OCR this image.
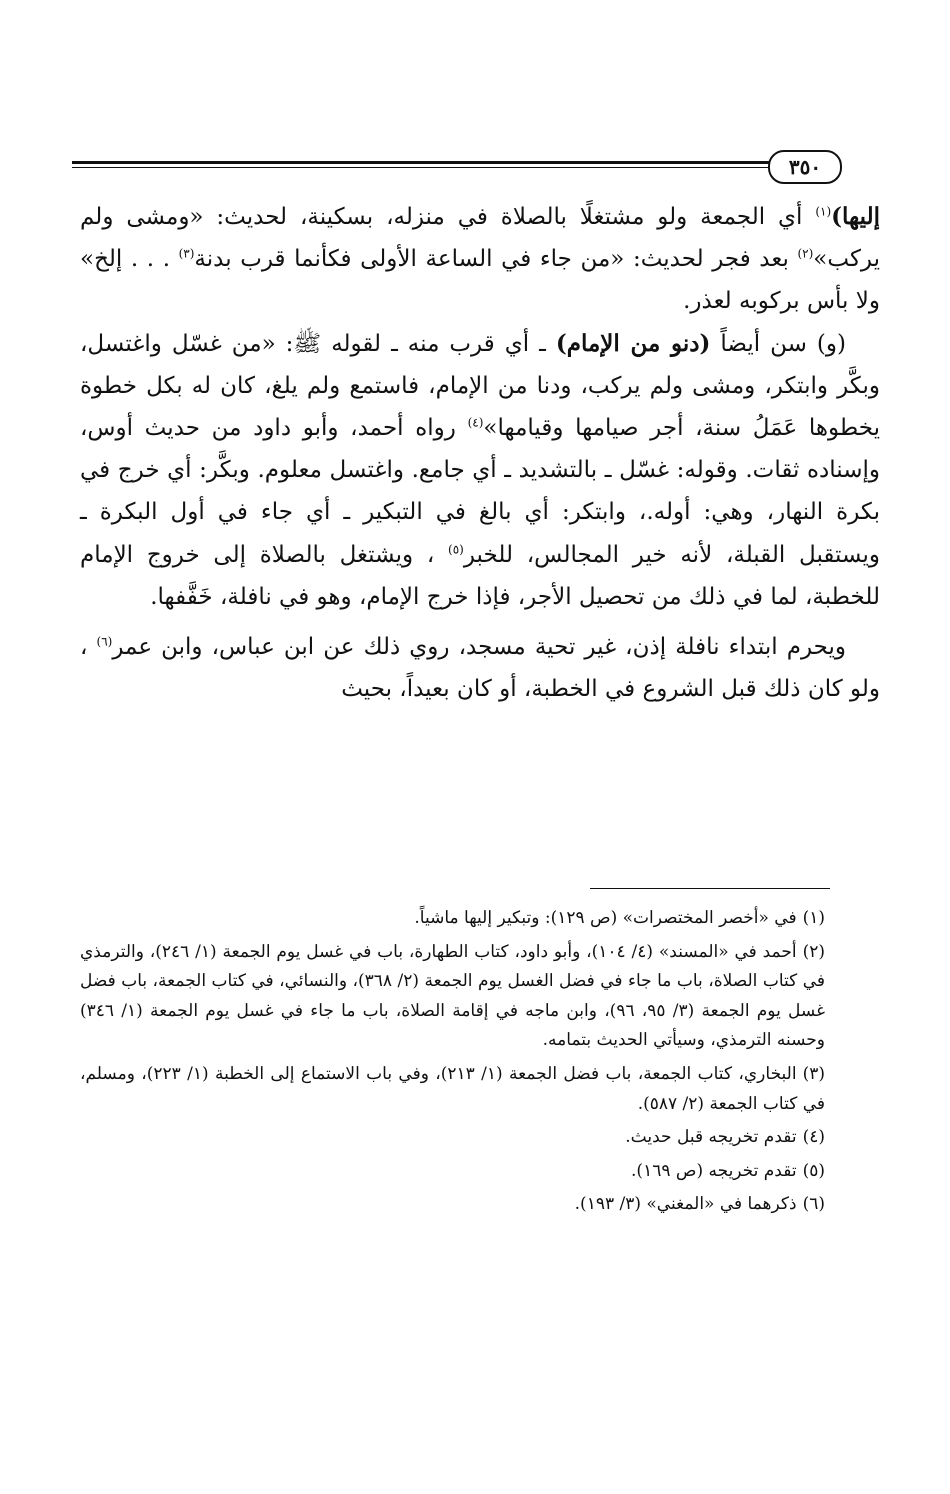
٣٥٠

إليها)$^{(١)}$ أي الجمعة ولو مشتغلًا بالصلاة في منزله، بسكينة، لحديث: «ومشى ولم يركب»$^{(٢)}$ بعد فجر لحديث: «من جاء في الساعة الأولى فكأنما قرب بدنة$^{(٣)}$ . . . إلخ» ولا بأس بركوبه لعذر.

(و) سن أيضاً (دنو من الإمام) ـ أي قرب منه ـ لقوله ﷺ: «من غسّل واغتسل، وبكَّر وابتكر، ومشى ولم يركب، ودنا من الإمام، فاستمع ولم يلغ، كان له بكل خطوة يخطوها عَمَلُ سنة، أجر صيامها وقيامها»$^{(٤)}$ رواه أحمد، وأبو داود من حديث أوس، وإسناده ثقات. وقوله: غسّل ـ بالتشديد ـ أي جامع. واغتسل معلوم. وبكَّر: أي خرج في بكرة النهار، وهي: أوله.، وابتكر: أي بالغ في التبكير ـ أي جاء في أول البكرة ـ ويستقبل القبلة، لأنه خير المجالس، للخبر$^{(٥)}$ ، ويشتغل بالصلاة إلى خروج الإمام للخطبة، لما في ذلك من تحصيل الأجر، فإذا خرج الإمام، وهو في نافلة، خَفَّفها.

ويحرم ابتداء نافلة إذن، غير تحية مسجد، روي ذلك عن ابن عباس، وابن عمر$^{(٦)}$ ، ولو كان ذلك قبل الشروع في الخطبة، أو كان بعيداً، بحيث

(١)في «أخصر المختصرات» (ص ١٢٩): وتبكير إليها ماشياً.

(٢)أحمد في «المسند» (٤/ ١٠٤)، وأبو داود، كتاب الطهارة، باب في غسل يوم الجمعة (١/ ٢٤٦)، والترمذي في كتاب الصلاة، باب ما جاء في فضل الغسل يوم الجمعة (٢/ ٣٦٨)، والنسائي، في كتاب الجمعة، باب فضل غسل يوم الجمعة (٣/ ٩٥، ٩٦)، وابن ماجه في إقامة الصلاة، باب ما جاء في غسل يوم الجمعة (١/ ٣٤٦) وحسنه الترمذي، وسيأتي الحديث بتمامه.

(٣)البخاري، كتاب الجمعة، باب فضل الجمعة (١/ ٢١٣)، وفي باب الاستماع إلى الخطبة (١/ ٢٢٣)، ومسلم، في كتاب الجمعة (٢/ ٥٨٧).

(٤)تقدم تخريجه قبل حديث.

(٥)تقدم تخريجه (ص ١٦٩).

(٦)ذكرهما في «المغني» (٣/ ١٩٣).
